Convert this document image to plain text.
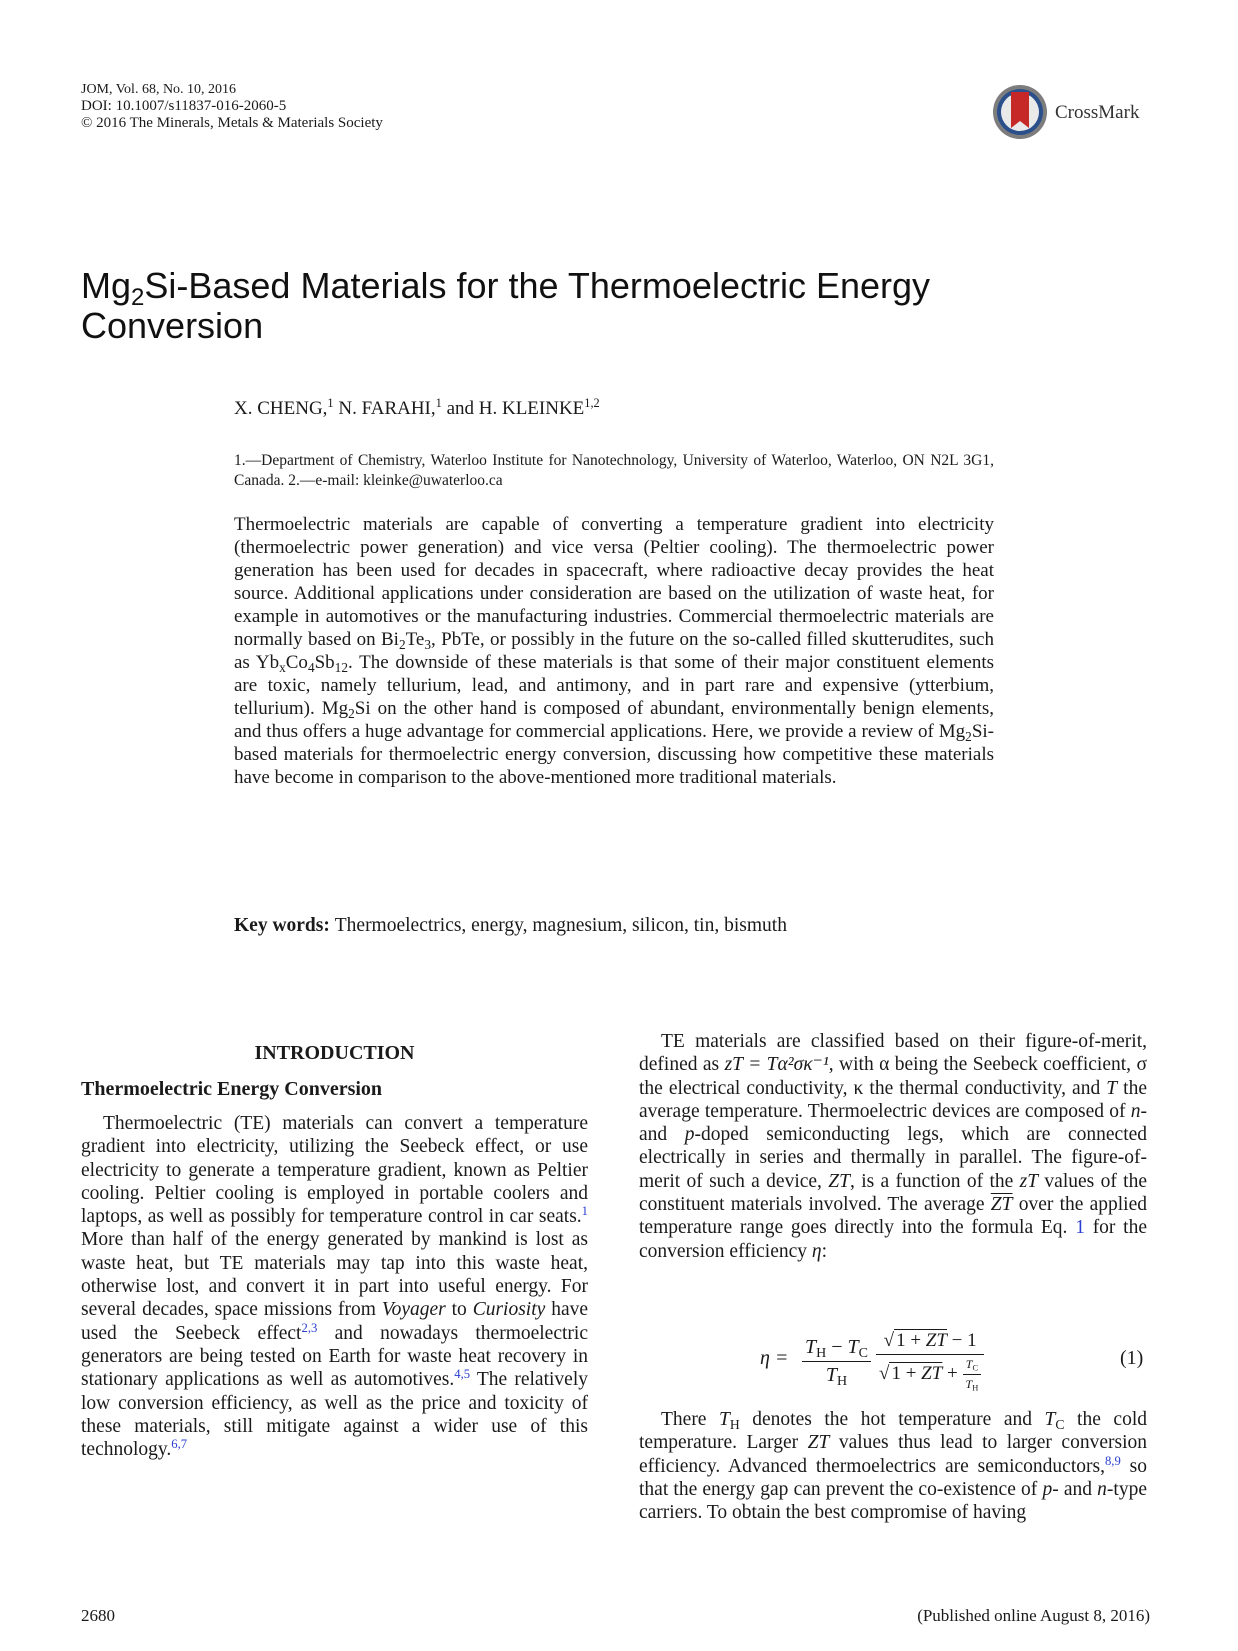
JOM, Vol. 68, No. 10, 2016
DOI: 10.1007/s11837-016-2060-5
© 2016 The Minerals, Metals & Materials Society	CrossMark
$Mg_2Si$-Based Materials for the Thermoelectric Energy
Conversion
X. CHENG,$^1$ N. FARAHI,$^1$ and H. KLEINKE$^{1,2}$
1.—Department of Chemistry, Waterloo Institute for Nanotechnology, University of Waterloo, Waterloo, ON N2L 3G1, Canada. 2.—e-mail: kleinke@uwaterloo.ca
Thermoelectric materials are capable of converting a temperature gradient into electricity (thermoelectric power generation) and vice versa (Peltier cooling). The thermoelectric power generation has been used for decades in spacecraft, where radioactive decay provides the heat source. Additional applications under consideration are based on the utilization of waste heat, for example in automotives or the manufacturing industries. Commercial thermoelectric materials are normally based on $Bi_2Te_3$, PbTe, or possibly in the future on the so-called filled skutterudites, such as $Yb_xCo_4Sb_{12}$. The downside of these materials is that some of their major constituent elements are toxic, namely tellurium, lead, and antimony, and in part rare and expensive (ytterbium, tellurium). $Mg_2Si$ on the other hand is composed of abundant, environmentally benign elements, and thus offers a huge advantage for commercial applications. Here, we provide a review of $Mg_2Si$-based materials for thermoelectric energy conversion, discussing how competitive these materials have become in comparison to the above-mentioned more traditional materials.
Key words: Thermoelectrics, energy, magnesium, silicon, tin, bismuth
INTRODUCTION
Thermoelectric Energy Conversion
Thermoelectric (TE) materials can convert a temperature gradient into electricity, utilizing the Seebeck effect, or use electricity to generate a temperature gradient, known as Peltier cooling. Peltier cooling is employed in portable coolers and laptops, as well as possibly for temperature control in car seats.$^1$ More than half of the energy generated by mankind is lost as waste heat, but TE materials may tap into this waste heat, otherwise lost, and convert it in part into useful energy. For several decades, space missions from Voyager to Curiosity have used the Seebeck effect$^{2,3}$ and nowadays thermoelectric generators are being tested on Earth for waste heat recovery in stationary applications as well as automotives.$^{4,5}$ The relatively low conversion efficiency, as well as the price and toxicity of these materials, still mitigate against a wider use of this technology.$^{6,7}$
TE materials are classified based on their figure-of-merit, defined as zT = Tα²σκ⁻¹, with α being the Seebeck coefficient, σ the electrical conductivity, κ the thermal conductivity, and T the average temperature. Thermoelectric devices are composed of n- and p-doped semiconducting legs, which are connected electrically in series and thermally in parallel. The figure-of-merit of such a device, ZT, is a function of the zT values of the constituent materials involved. The average $\overline{ZT}$ over the applied temperature range goes directly into the formula Eq. 1 for the conversion efficiency η:
$\eta = \frac{T_H - T_C}{T_H}$
$\frac{√ 1 + \overline{ZT} - 1}{√ 1 + \overline{ZT} + \frac{T_C}{T_H}}$	(1)
There $T_H$ denotes the hot temperature and $T_C$ the cold temperature. Larger ZT values thus lead to larger conversion efficiency. Advanced thermoelectrics are semiconductors,$^{8,9}$ so that the energy gap can prevent the co-existence of p- and n-type carriers. To obtain the best compromise of having
2680	(Published online August 8, 2016)
